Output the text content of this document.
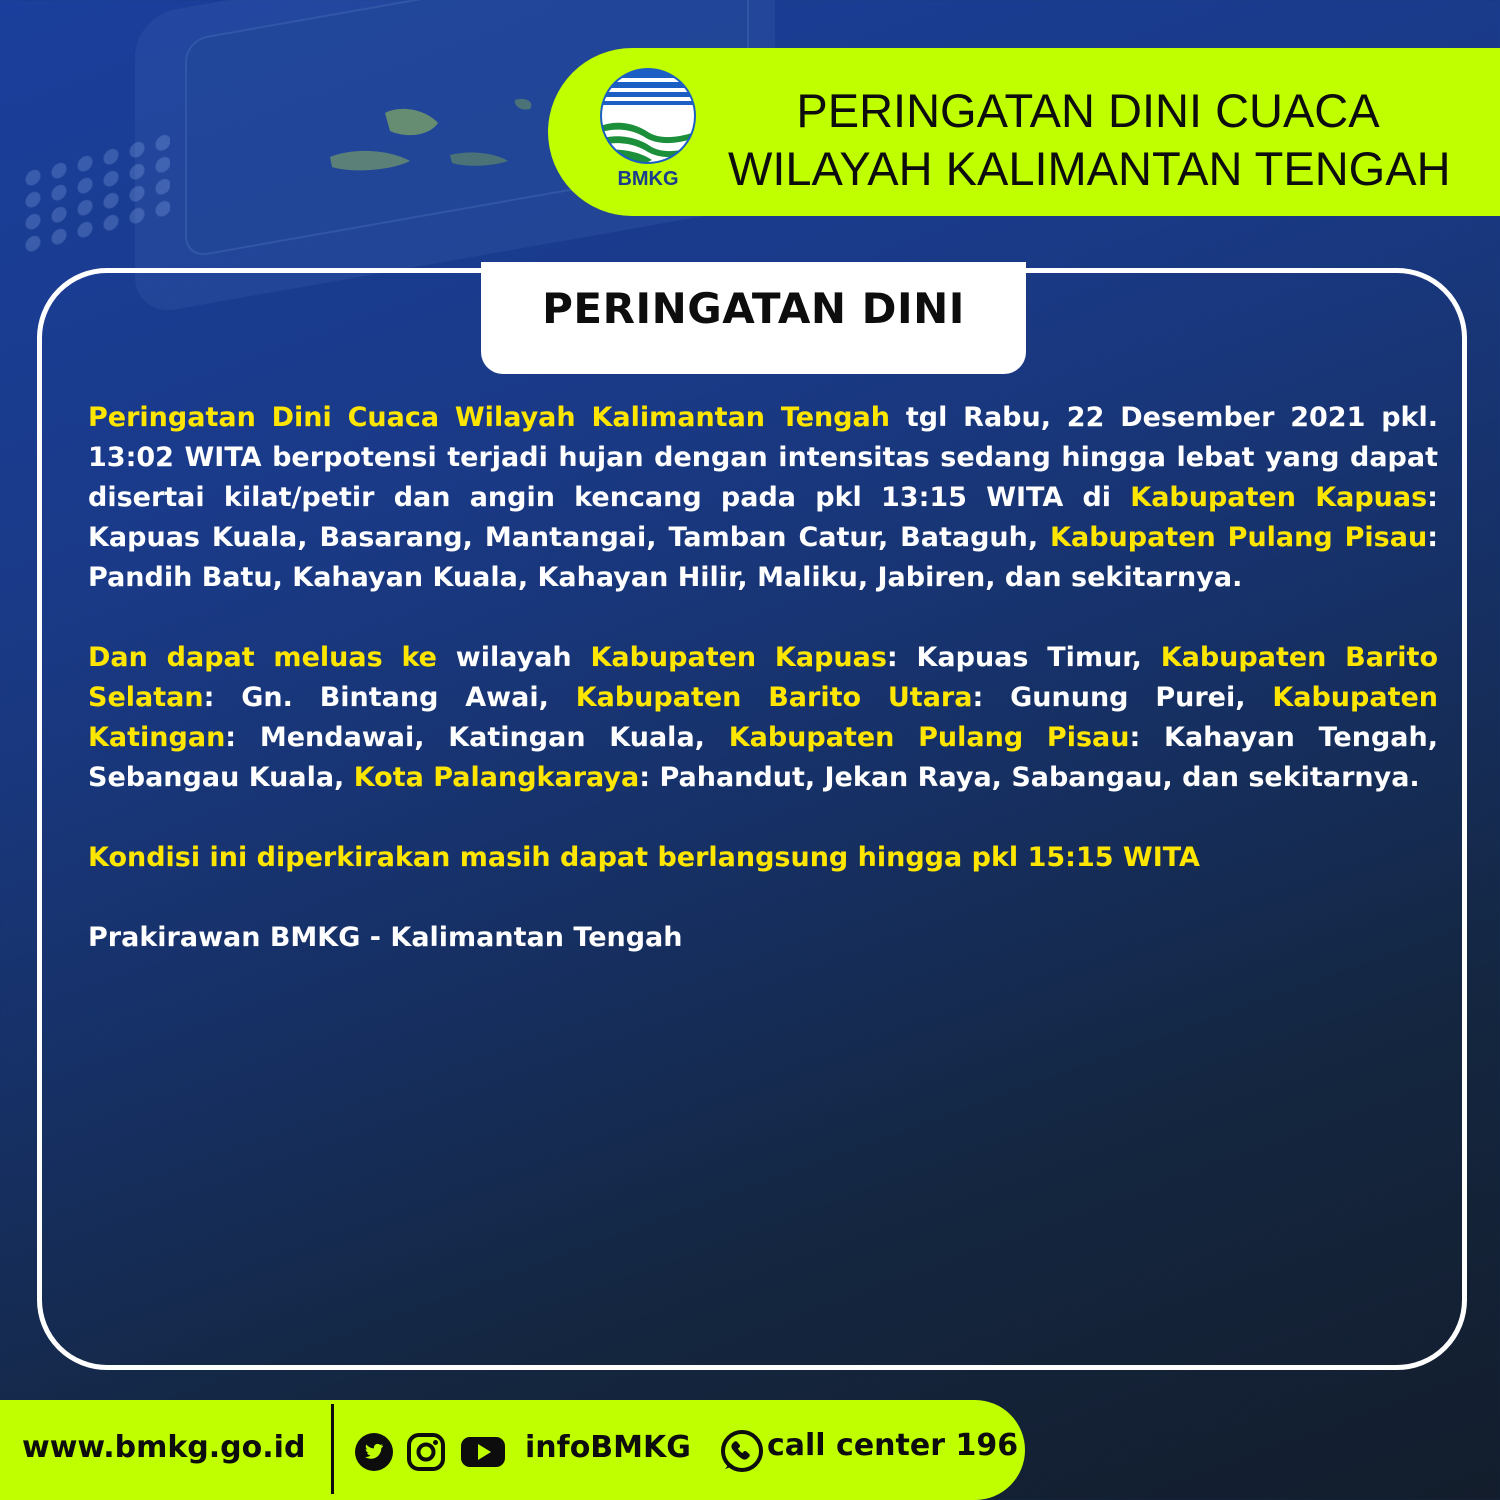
BMKG
PERINGATAN DINI CUACA
WILAYAH KALIMANTAN TENGAH
PERINGATAN DINI

Peringatan Dini Cuaca Wilayah Kalimantan Tengah tgl Rabu, 22 Desember 2021 pkl. 13:02 WITA berpotensi terjadi hujan dengan intensitas sedang hingga lebat yang dapat disertai kilat/petir dan angin kencang pada pkl 13:15 WITA di Kabupaten Kapuas: Kapuas Kuala, Basarang, Mantangai, Tamban Catur, Bataguh, Kabupaten Pulang Pisau: Pandih Batu, Kahayan Kuala, Kahayan Hilir, Maliku, Jabiren, dan sekitarnya.

Dan dapat meluas ke wilayah Kabupaten Kapuas: Kapuas Timur, Kabupaten Barito Selatan: Gn. Bintang Awai, Kabupaten Barito Utara: Gunung Purei, Kabupaten Katingan: Mendawai, Katingan Kuala, Kabupaten Pulang Pisau: Kahayan Tengah, Sebangau Kuala, Kota Palangkaraya: Pahandut, Jekan Raya, Sabangau, dan sekitarnya.

Kondisi ini diperkirakan masih dapat berlangsung hingga pkl 15:15 WITA

Prakirawan BMKG - Kalimantan Tengah

www.bmkg.go.id	infoBMKG	call center 196
